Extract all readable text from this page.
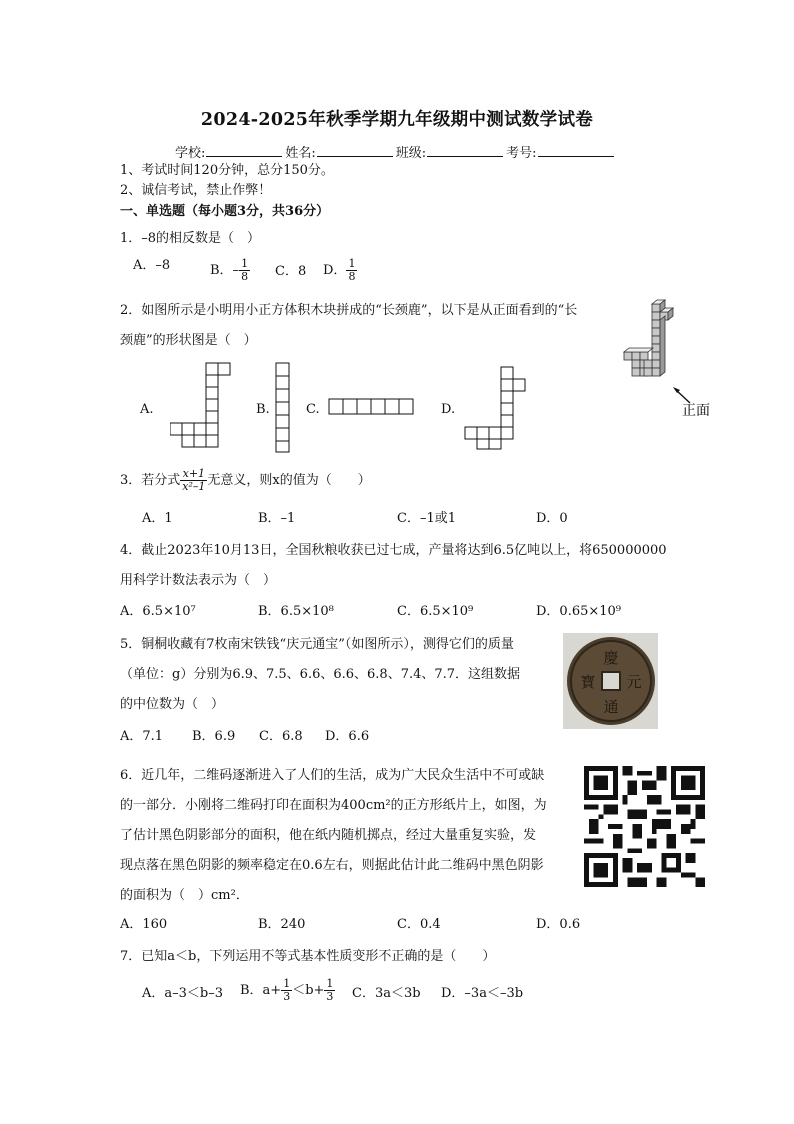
2024-2025年秋季学期九年级期中测试数学试卷
学校:	姓名:	班级:	考号:
1、考试时间120分钟，总分150分。
2、诚信考试，禁止作弊！
一、单选题（每小题3分，共36分）
1．–8的相反数是（　）
A．–8	B．– $\frac{1}{8}$ C．8 D． $\frac{1}{8}$
2．如图所示是小明用小正方体积木块拼成的“长颈鹿”，以下是从正面看到的“长
颈鹿”的形状图是（　）
A.	B.	C.	D.	正面
3．若分式 $\frac{x+1}{\text{x²–1}}$ 无意义，则x的值为（　　）
A．1	B．–1	C．–1或1	D．0
4．截止2023年10月13日，全国秋粮收获已过七成，产量将达到6.5亿吨以上，将650000000
用科学计数法表示为（　）
A．6.5×10⁷	B．6.5×10⁸	C．6.5×10⁹	D．0.65×10⁹
5．铜桐收藏有7枚南宋铁钱“庆元通宝”（如图所示），测得它们的质量
（单位：g）分别为6.9、7.5、6.6、6.6、6.8、7.4、7.7．这组数据
的中位数为（　）
A．7.1 B．6.9 C．6.8 D．6.6
慶
元
通
寳
6．近几年，二维码逐渐进入了人们的生活，成为广大民众生活中不可或缺
的一部分．小刚将二维码打印在面积为400cm²的正方形纸片上，如图，为
了估计黑色阴影部分的面积，他在纸内随机掷点，经过大量重复实验，发
现点落在黑色阴影的频率稳定在0.6左右，则据此估计此二维码中黑色阴影
的面积为（　）cm²．
A．160	B．240	C．0.4	D．0.6
7．已知a＜b，下列运用不等式基本性质变形不正确的是（　　）
A．a–3＜b–3 B．$a+ \frac{1}{3} <b+ \frac{1}{3}$ C．3a＜3b D．–3a＜–3b
